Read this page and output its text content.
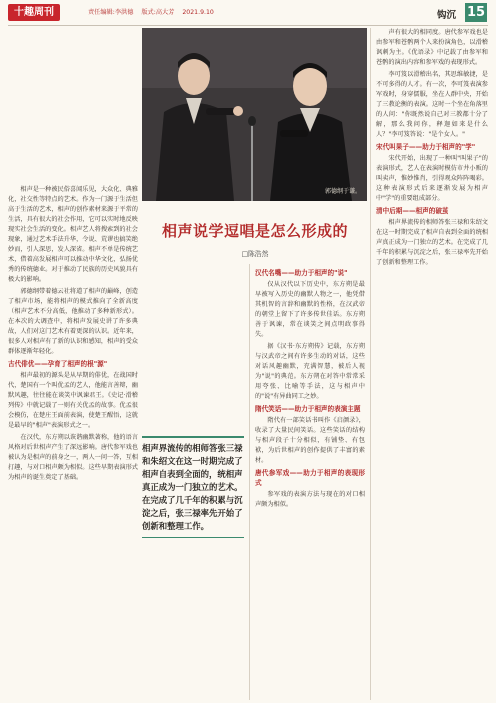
十趣周刊	责任编辑:李洪德 版式:高大芳 2021.9.10	钩沉 15
郭德纲于谦。
相声说学逗唱是怎么形成的
□陈浩然

相声是一种被民俗喜闻乐见，大众化、典雅化，社交性等特点的艺术。作为一门源于生活但高于生活的艺术，相声的创作素材来源于平常的生活，具有很大的社会作用，它可以实时地反映现实社会生活的变化。相声艺人将搜索到的社会现象，通过艺术手法升华，令说、荒谬也搞笑绝妙而，引人深思，发人深省。相声不单是传统艺术，借着高发展相声可以推动中华文化，弘扬优秀的传统德业。对于推动了民族的历史风貌具有极大的影响。

郭德纲带着德云社将道了相声的巅峰，创造了相声市场，能将相声的模式推向了全新高度（相声艺术不分高低，他推动了多种新形式）。在本次的大调查中，将相声发展史讲了许多典故，人们对这门艺术有着更深的认识。近年来，很多人对相声有了新的认识和感知，相声的受众群体逐渐年轻化。

古代俳优——孕育了相声的根"源"

相声最初的源头是从早期的俳优，在战国时代，楚国有一个叫优孟的艺人，他能言善辩，幽默风趣，往往能在谈笑中讽谏君王。《史记·滑稽列传》中就记载了一则有关优孟的故事。优孟很会模仿，在楚庄王面前表演，使楚王醒悟，这就是最早的"相声"表演形式之一。

在汉代，东方朔以诙谐幽默著称，他的语言风格对后世相声产生了深远影响。唐代参军戏也被认为是相声的前身之一，两人一问一答，互相打趣，与对口相声颇为相似。这些早期表演形式为相声的诞生奠定了基础。

汉代名嘴——助力于相声的"说"

仅从汉代以下历史中，东方朔是最早被写入历史的幽默人物之一，他凭借其机智的言辞和幽默的性格，在汉武帝的朝堂上留下了许多传世佳话。东方朔善于讽谏，常在谈笑之间点明政事得失。

据《汉书·东方朔传》记载，东方朔与汉武帝之间有许多生动的对话，这些对话风趣幽默，充满智慧，被后人视为"说"的典范。东方朔在对答中常常采用夸张、比喻等手法，这与相声中的"说"有异曲同工之妙。

隋代笑话——助力于相声的表演主题

隋代有一部笑话书叫作《启颜录》，收录了大量民间笑话。这些笑话的结构与相声段子十分相似，有铺垫、有包袱，为后世相声的创作提供了丰富的素材。

唐代参军戏——助力于相声的表现形式

参军戏的表演方法与现在的对口相声颇为相似。

声有很大的相同度。唐代参军戏也是由参军和苍鹘两个人来扮演角色，以滑稽讽刺为主。《优语录》中记载了由参军和苍鹘的演出内容和参军戏的表现形式。

李可笈以滑稽出名，其思维敏捷，是不可多得的人才。有一次，李可笈表演参军戏时，身穿儒服，坐在人群中央，开始了三教论衡的表演。这时一个坐在角落里的人问："你既然说自己对三教都十分了解，那么我问你，释迦如来是什么人？"李可笈答说："是个女人。"

宋代叫果子——助力于相声的"学"

宋代开始，出现了一种叫"叫果子"的表演形式，艺人在表演时模仿市井小贩的叫卖声，惟妙惟肖，引得观众阵阵喝彩。这种表演形式后来逐渐发展为相声中"学"的重要组成部分。

清中后期——相声的破茧

相声界流传的相师答张三禄和朱绍文在这一时期完成了相声自表到全面的统相声真正成为一门独立的艺术。在完成了几千年的积累与沉淀之后，张三禄率先开始了创新和整理工作。

相声界流传的相师答张三禄和朱绍文在这一时期完成了相声自表到全面的，统相声真正成为一门独立的艺术。在完成了几千年的积累与沉淀之后，张三禄率先开始了创新和整理工作。
